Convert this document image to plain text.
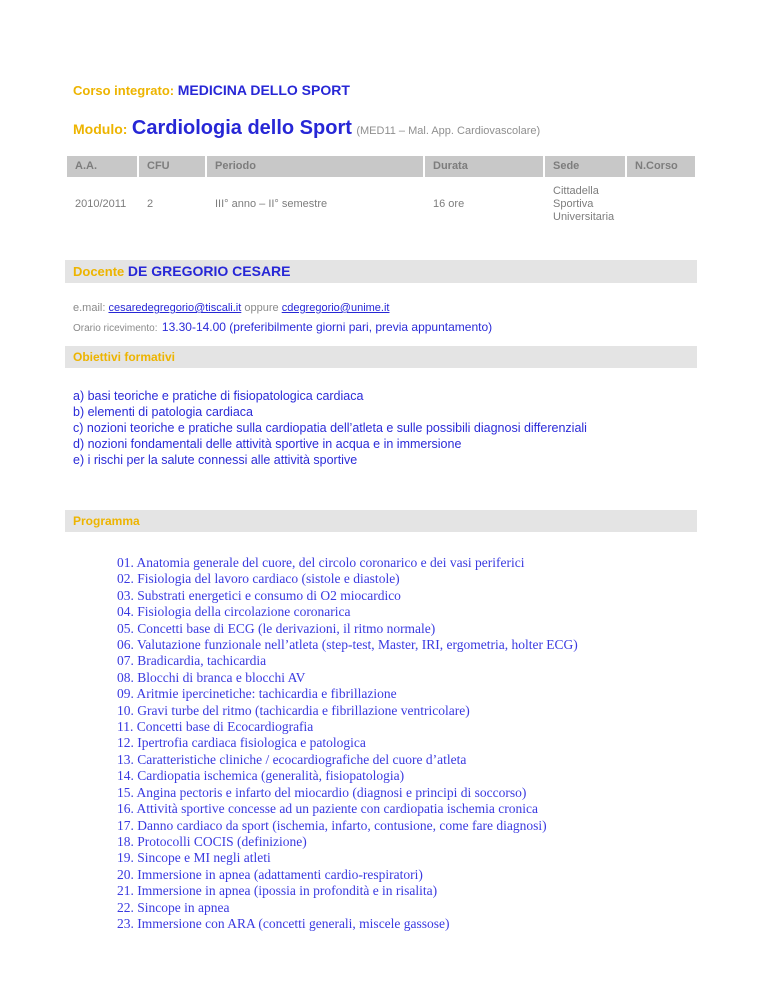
Corso integrato: MEDICINA DELLO SPORT

Modulo: Cardiologia dello Sport (MED11 – Mal. App. Cardiovascolare)

A.A.	CFU	Periodo	Durata	Sede	N.Corso
2010/2011	2	III° anno – II° semestre	16 ore	Cittadella Sportiva Universitaria	
Docente DE GREGORIO CESARE

e.mail: cesaredegregorio@tiscali.it oppure cdegregorio@unime.it

Orario ricevimento: 13.30-14.00 (preferibilmente giorni pari, previa appuntamento)

Obiettivi formativi
a) basi teoriche e pratiche di fisiopatologica cardiaca
b) elementi di patologia cardiaca
c) nozioni teoriche e pratiche sulla cardiopatia dell’atleta e sulle possibili diagnosi differenziali
d) nozioni fondamentali delle attività sportive in acqua e in immersione
e) i rischi per la salute connessi alle attività sportive
Programma
01. Anatomia generale del cuore, del circolo coronarico e dei vasi periferici
02. Fisiologia del lavoro cardiaco (sistole e diastole)
03. Substrati energetici e consumo di O2 miocardico
04. Fisiologia della circolazione coronarica
05. Concetti base di ECG (le derivazioni, il ritmo normale)
06. Valutazione funzionale nell’atleta (step-test, Master, IRI, ergometria, holter ECG)
07. Bradicardia, tachicardia
08. Blocchi di branca e blocchi AV
09. Aritmie ipercinetiche: tachicardia e fibrillazione
10. Gravi turbe del ritmo (tachicardia e fibrillazione ventricolare)
11. Concetti base di Ecocardiografia
12. Ipertrofia cardiaca fisiologica e patologica
13. Caratteristiche cliniche / ecocardiografiche del cuore d’atleta
14. Cardiopatia ischemica (generalità, fisiopatologia)
15. Angina pectoris e infarto del miocardio (diagnosi e principi di soccorso)
16. Attività sportive concesse ad un paziente con cardiopatia ischemia cronica
17. Danno cardiaco da sport (ischemia, infarto, contusione, come fare diagnosi)
18. Protocolli COCIS (definizione)
19. Sincope e MI negli atleti
20. Immersione in apnea (adattamenti cardio-respiratori)
21. Immersione in apnea (ipossia in profondità e in risalita)
22. Sincope in apnea
23. Immersione con ARA (concetti generali, miscele gassose)
